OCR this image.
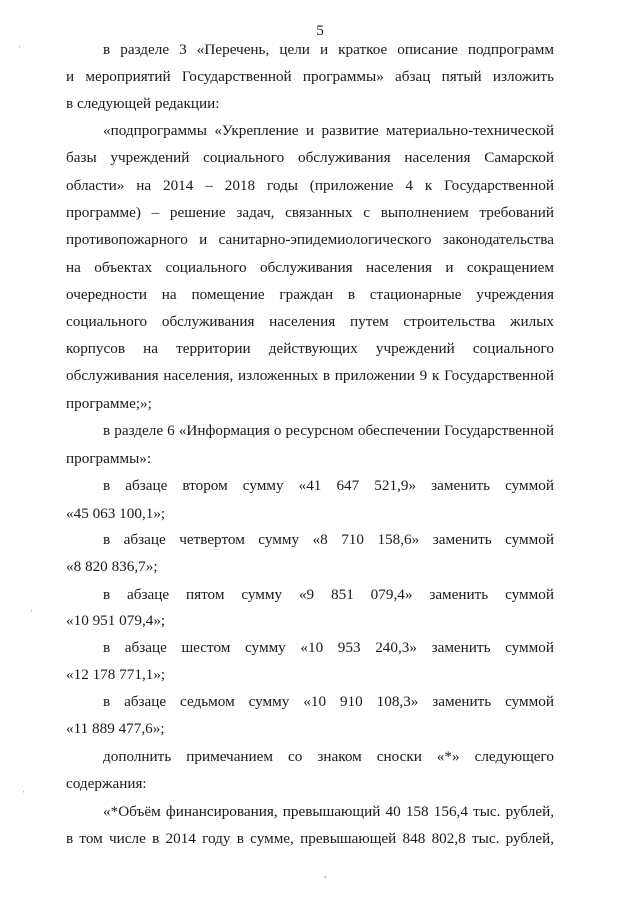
5
в разделе 3 «Перечень, цели и краткое описание подпрограмм
и мероприятий Государственной программы» абзац пятый изложить
в следующей редакции:
«подпрограммы «Укрепление и развитие материально-технической
базы учреждений социального обслуживания населения Самарской
области» на 2014 – 2018 годы (приложение 4 к Государственной
программе) – решение задач, связанных с выполнением требований
противопожарного и санитарно-эпидемиологического законодательства
на объектах социального обслуживания населения и сокращением
очередности на помещение граждан в стационарные учреждения
социального обслуживания населения путем строительства жилых
корпусов на территории действующих учреждений социального
обслуживания населения, изложенных в приложении 9 к Государственной
программе;»;
в разделе 6 «Информация о ресурсном обеспечении Государственной
программы»:
в абзаце втором сумму «41 647 521,9» заменить суммой
«45 063 100,1»;
в абзаце четвертом сумму «8 710 158,6» заменить суммой
«8 820 836,7»;
в абзаце пятом сумму «9 851 079,4» заменить суммой
«10 951 079,4»;
в абзаце шестом сумму «10 953 240,3» заменить суммой
«12 178 771,1»;
в абзаце седьмом сумму «10 910 108,3» заменить суммой
«11 889 477,6»;
дополнить примечанием со знаком сноски «*» следующего
содержания:
«*Объём финансирования, превышающий 40 158 156,4 тыс. рублей,
в том числе в 2014 году в сумме, превышающей 848 802,8 тыс. рублей,
ˌ
ˌ
ˌ
,
